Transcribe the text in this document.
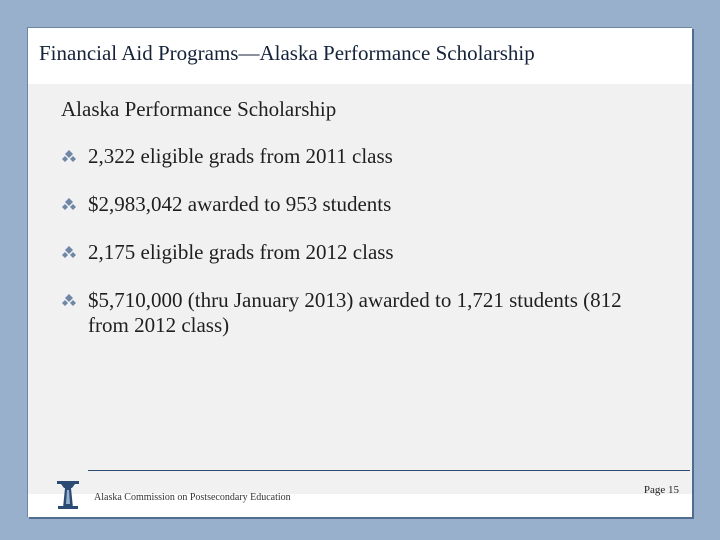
Financial Aid Programs—Alaska Performance Scholarship
Alaska Performance Scholarship
2,322 eligible grads from 2011 class
$2,983,042 awarded to 953 students
2,175 eligible grads from 2012 class
$5,710,000 (thru January 2013) awarded to 1,721 students (812 from 2012 class)
Alaska Commission on Postsecondary Education
Page 15
